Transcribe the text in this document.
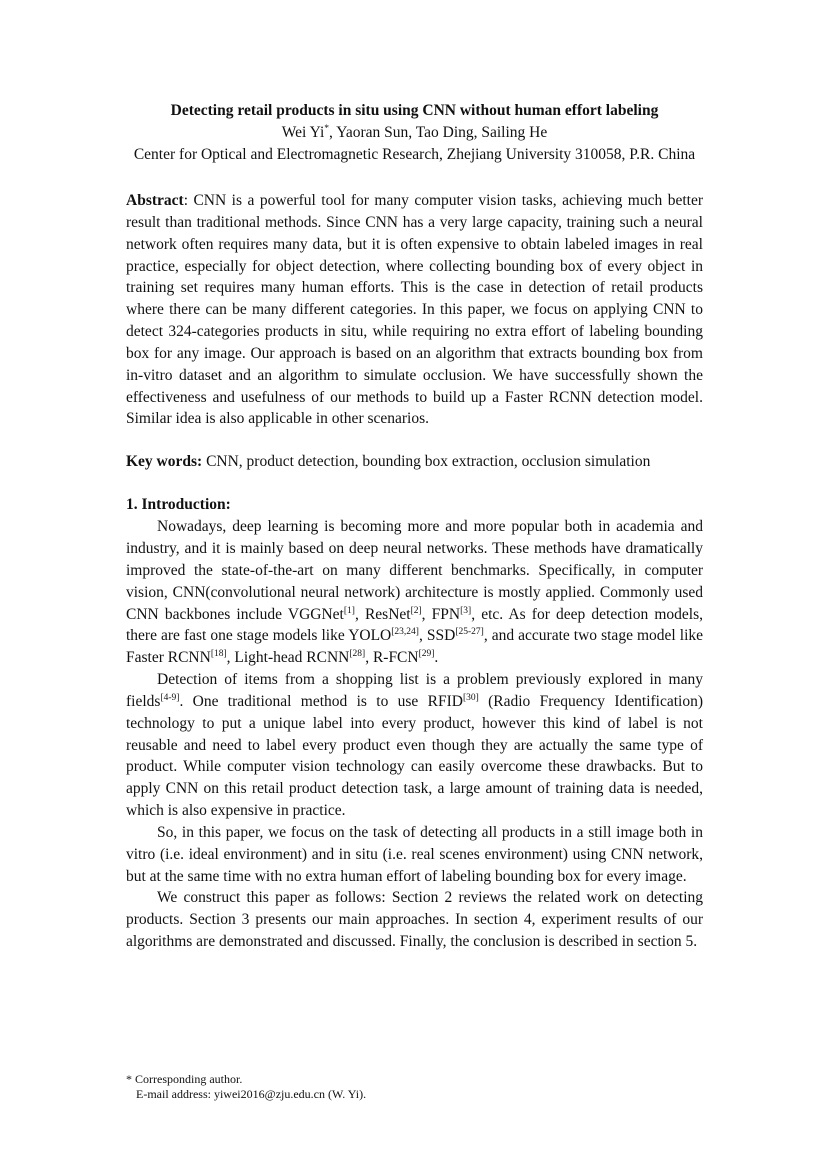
Detecting retail products in situ using CNN without human effort labeling
Wei Yi*, Yaoran Sun, Tao Ding, Sailing He
Center for Optical and Electromagnetic Research, Zhejiang University 310058, P.R. China

Abstract: CNN is a powerful tool for many computer vision tasks, achieving much better result than traditional methods. Since CNN has a very large capacity, training such a neural network often requires many data, but it is often expensive to obtain labeled images in real practice, especially for object detection, where collecting bounding box of every object in training set requires many human efforts. This is the case in detection of retail products where there can be many different categories. In this paper, we focus on applying CNN to detect 324-categories products in situ, while requiring no extra effort of labeling bounding box for any image. Our approach is based on an algorithm that extracts bounding box from in-vitro dataset and an algorithm to simulate occlusion. We have successfully shown the effectiveness and usefulness of our methods to build up a Faster RCNN detection model. Similar idea is also applicable in other scenarios.

Key words: CNN, product detection, bounding box extraction, occlusion simulation

1. Introduction:

Nowadays, deep learning is becoming more and more popular both in academia and industry, and it is mainly based on deep neural networks. These methods have dramatically improved the state-of-the-art on many different benchmarks. Specifically, in computer vision, CNN(convolutional neural network) architecture is mostly applied. Commonly used CNN backbones include VGGNet[1], ResNet[2], FPN[3], etc. As for deep detection models, there are fast one stage models like YOLO[23,24], SSD[25-27], and accurate two stage model like Faster RCNN[18], Light-head RCNN[28], R-FCN[29].

Detection of items from a shopping list is a problem previously explored in many fields[4-9]. One traditional method is to use RFID[30] (Radio Frequency Identification) technology to put a unique label into every product, however this kind of label is not reusable and need to label every product even though they are actually the same type of product. While computer vision technology can easily overcome these drawbacks. But to apply CNN on this retail product detection task, a large amount of training data is needed, which is also expensive in practice.

So, in this paper, we focus on the task of detecting all products in a still image both in vitro (i.e. ideal environment) and in situ (i.e. real scenes environment) using CNN network, but at the same time with no extra human effort of labeling bounding box for every image.

We construct this paper as follows: Section 2 reviews the related work on detecting products. Section 3 presents our main approaches. In section 4, experiment results of our algorithms are demonstrated and discussed. Finally, the conclusion is described in section 5.

* Corresponding author.
E-mail address: yiwei2016@zju.edu.cn (W. Yi).
